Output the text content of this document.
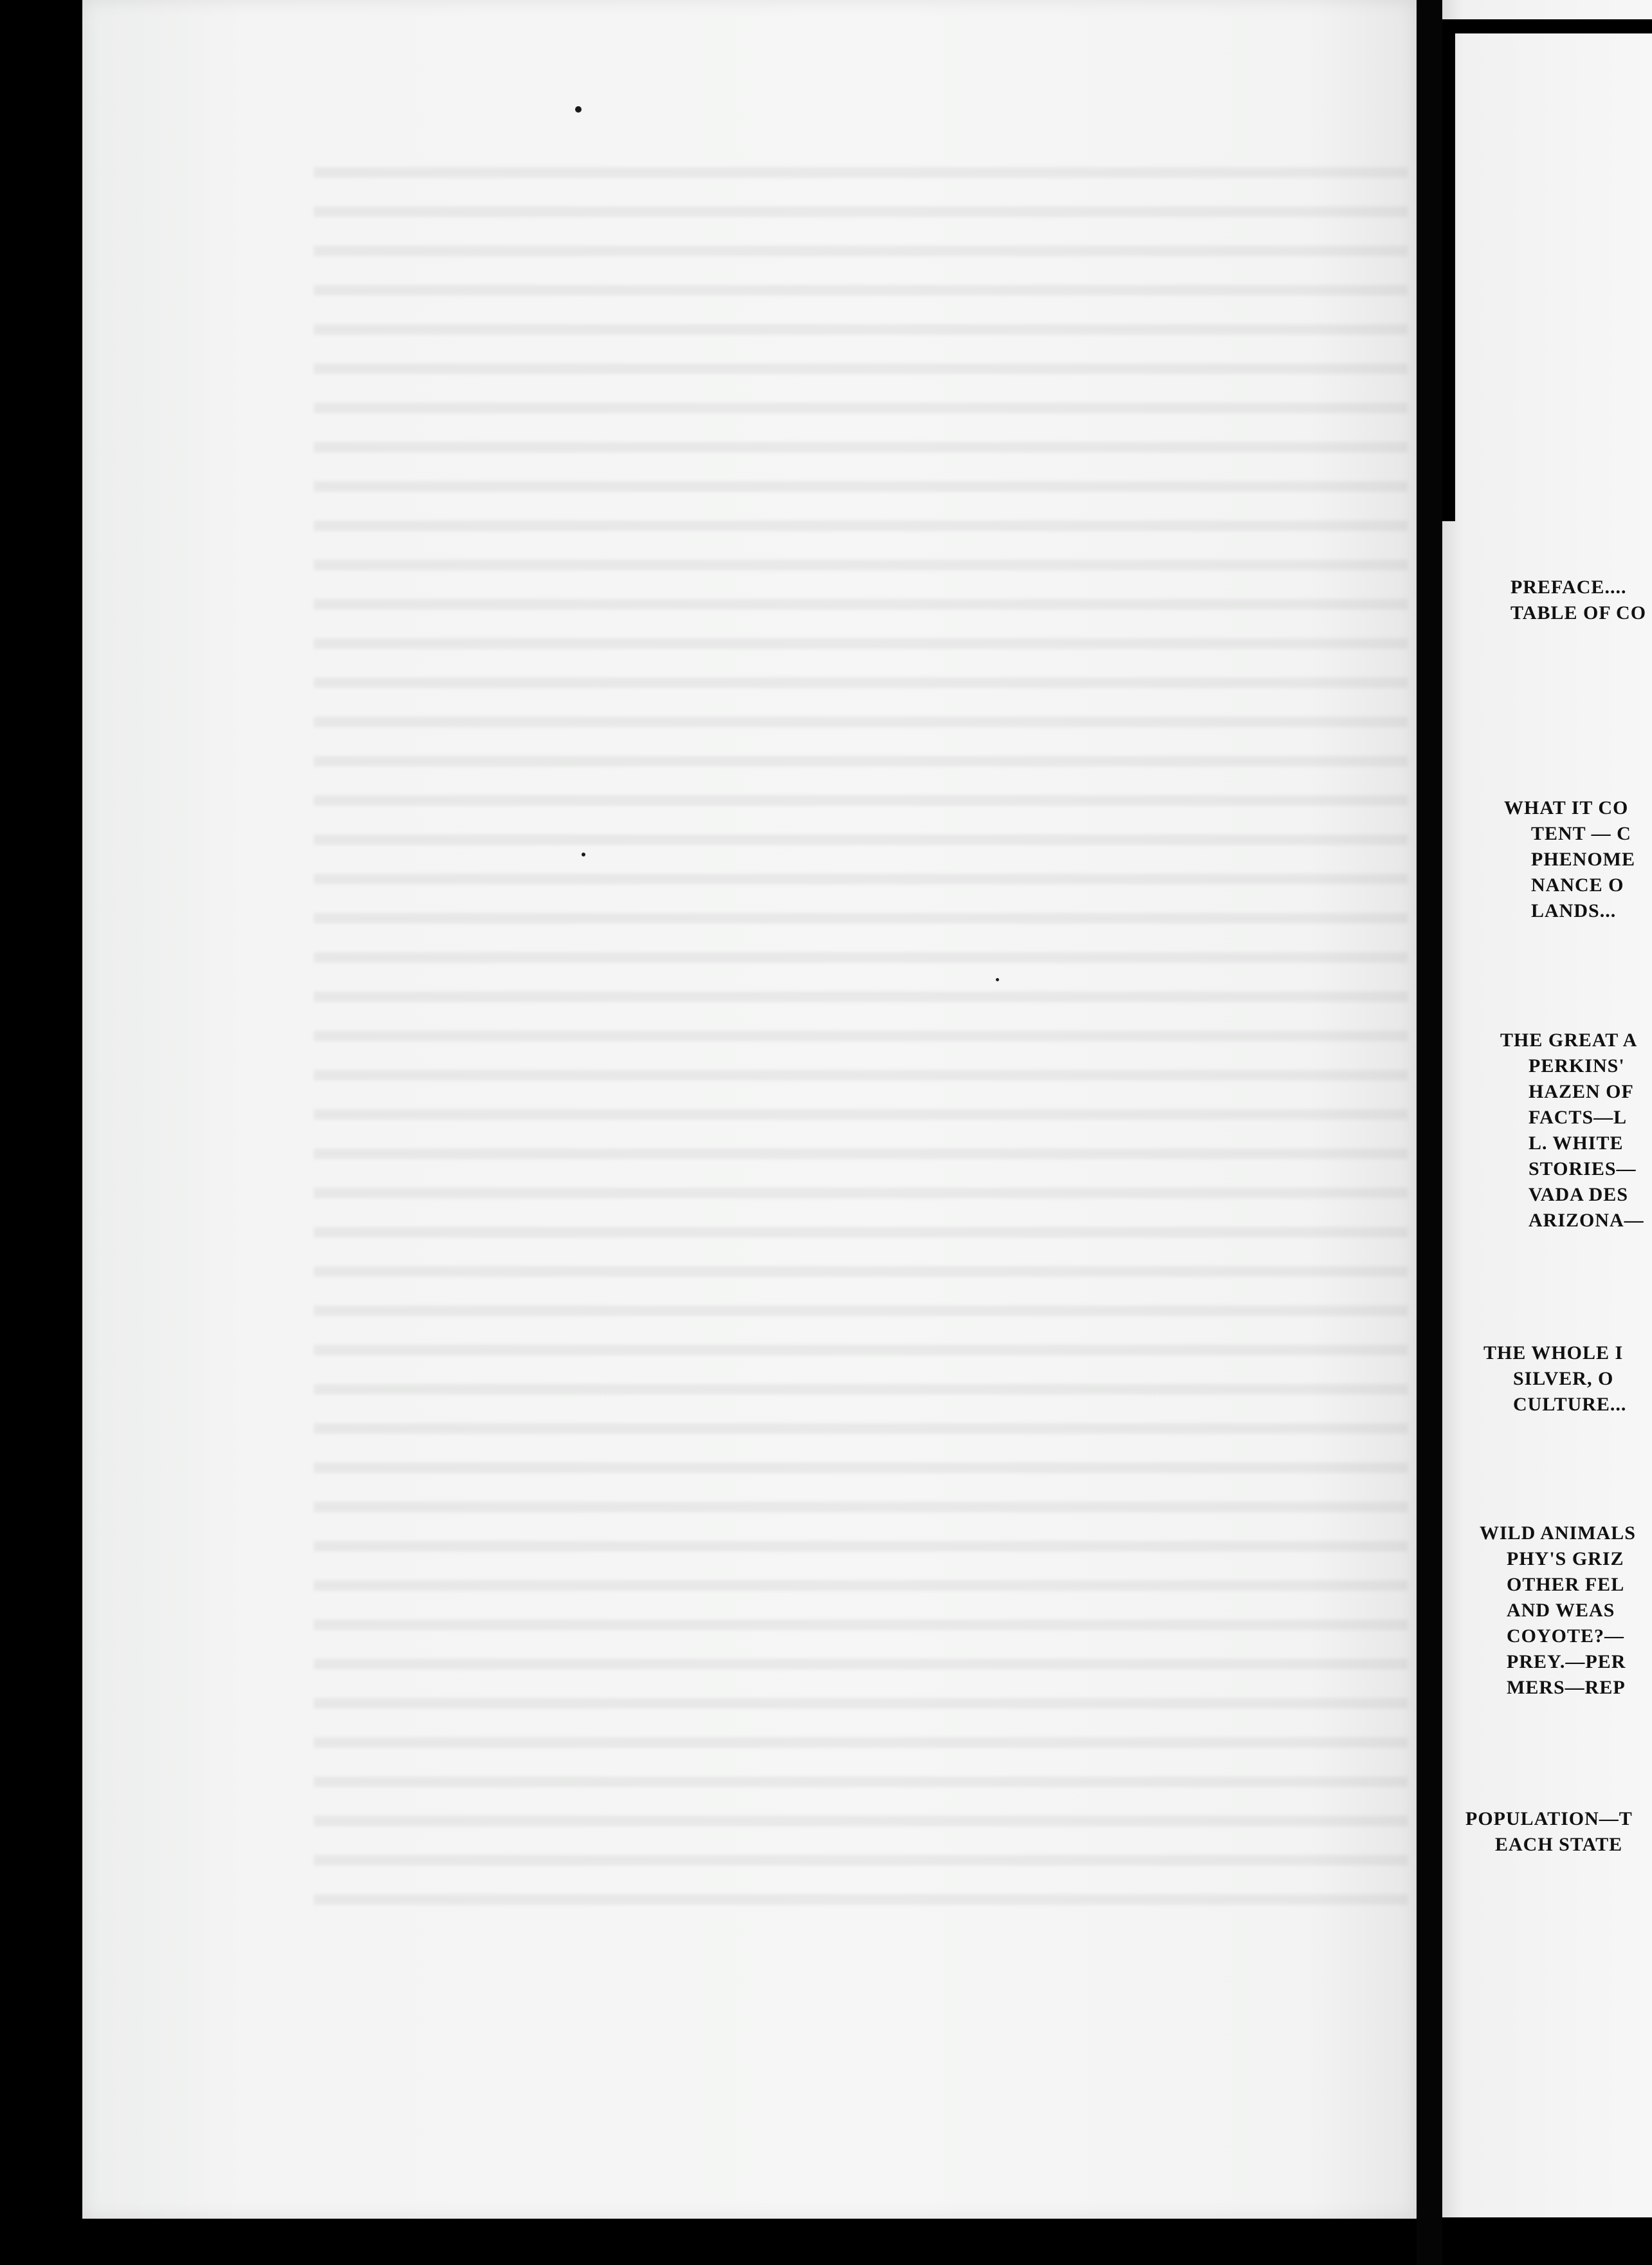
PREFACE....
TABLE OF CO
WHAT IT CO
TENT — C
PHENOME
NANCE O
LANDS...
THE GREAT A
PERKINS'
HAZEN OF
FACTS—L
L. WHITE
STORIES—
VADA DES
ARIZONA—
THE WHOLE I
SILVER, O
CULTURE...
WILD ANIMALS
PHY'S GRIZ
OTHER FEL
AND WEAS
COYOTE?—
PREY.—PER
MERS—REP
POPULATION—T
EACH STATE
